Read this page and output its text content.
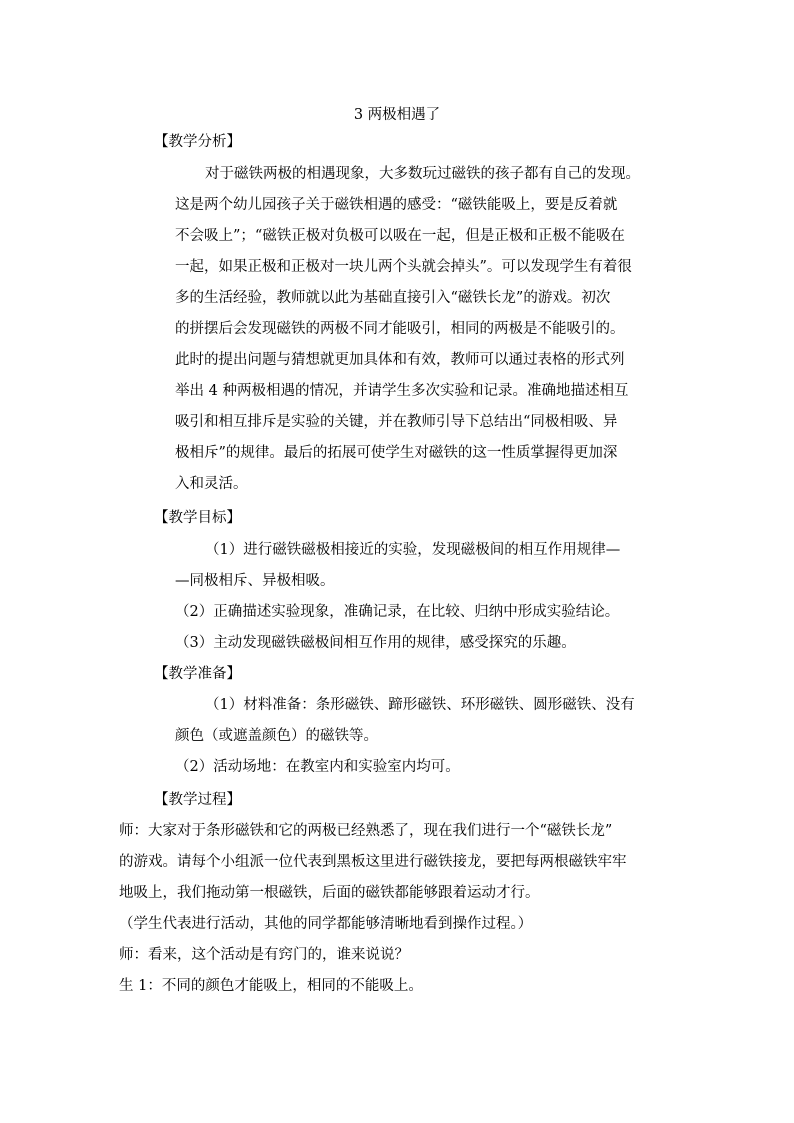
3 两极相遇了
【教学分析】
对于磁铁两极的相遇现象，大多数玩过磁铁的孩子都有自己的发现。
这是两个幼儿园孩子关于磁铁相遇的感受：“磁铁能吸上，要是反着就
不会吸上”；“磁铁正极对负极可以吸在一起，但是正极和正极不能吸在
一起，如果正极和正极对一块儿两个头就会掉头”。可以发现学生有着很
多的生活经验，教师就以此为基础直接引入“磁铁长龙”的游戏。初次
的拼摆后会发现磁铁的两极不同才能吸引，相同的两极是不能吸引的。
此时的提出问题与猜想就更加具体和有效，教师可以通过表格的形式列
举出 4 种两极相遇的情况，并请学生多次实验和记录。准确地描述相互
吸引和相互排斥是实验的关键，并在教师引导下总结出“同极相吸、异
极相斥”的规律。最后的拓展可使学生对磁铁的这一性质掌握得更加深
入和灵活。
【教学目标】
（1）进行磁铁磁极相接近的实验，发现磁极间的相互作用规律—
—同极相斥、异极相吸。
（2）正确描述实验现象，准确记录，在比较、归纳中形成实验结论。
（3）主动发现磁铁磁极间相互作用的规律，感受探究的乐趣。
【教学准备】
（1）材料准备：条形磁铁、蹄形磁铁、环形磁铁、圆形磁铁、没有
颜色（或遮盖颜色）的磁铁等。
（2）活动场地：在教室内和实验室内均可。
【教学过程】
师：大家对于条形磁铁和它的两极已经熟悉了，现在我们进行一个“磁铁长龙”
的游戏。请每个小组派一位代表到黑板这里进行磁铁接龙，要把每两根磁铁牢牢
地吸上，我们拖动第一根磁铁，后面的磁铁都能够跟着运动才行。
（学生代表进行活动，其他的同学都能够清晰地看到操作过程。）
师：看来，这个活动是有窍门的，谁来说说？
生 1：不同的颜色才能吸上，相同的不能吸上。
